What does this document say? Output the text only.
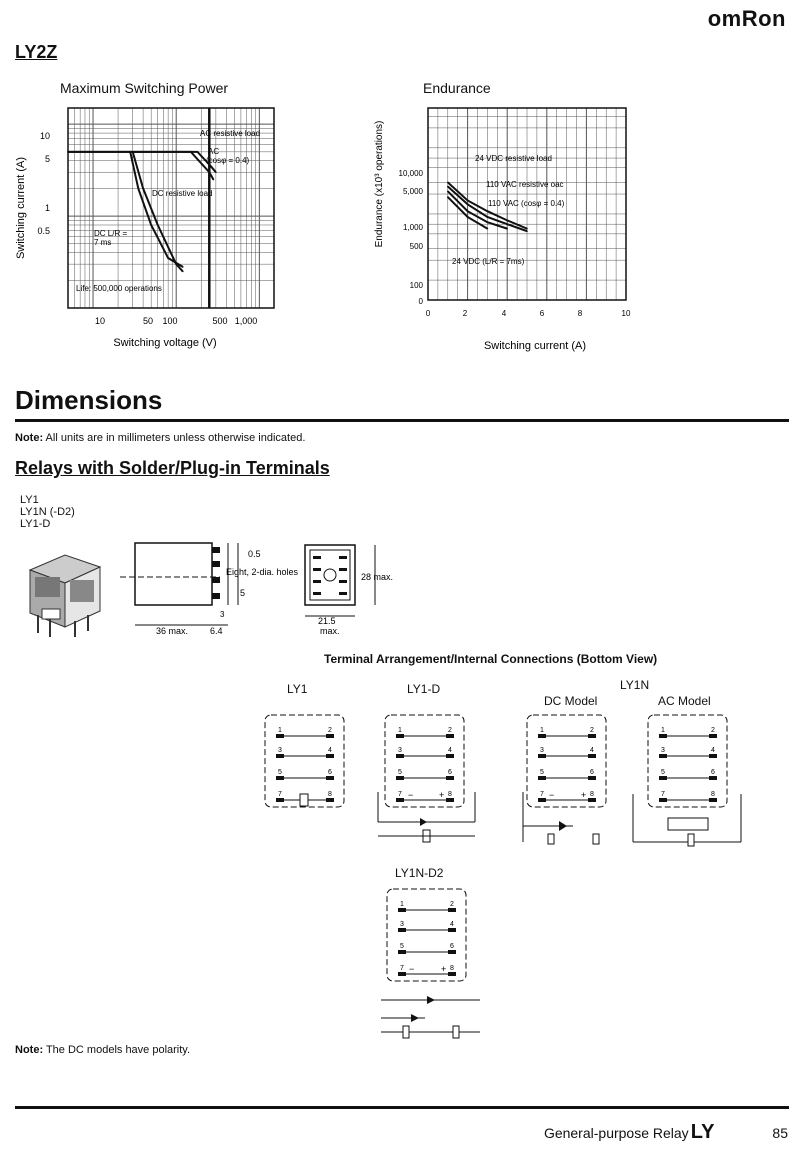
omRon
LY2Z
Maximum Switching Power
Switching current (A)
10
5
1
0.5
10	50 100	500 1,000
Switching voltage (V)
AC resistive load
AC
(cosφ = 0.4)
DC resistive load
DC L/R =
7 ms
Life: 500,000 operations
Endurance
Endurance (x10³ operations) 10,000
5,000
1,000
500
100
0
0	2	4	6	8	10
Switching current (A)
24 VDC resistive load
110 VAC resistive oac
110 VAC (cosφ = 0.4)
24 VDC (L/R = 7ms)
Dimensions
Note: All units are in millimeters unless otherwise indicated.
Relays with Solder/Plug-in Terminals
LY1
LY1N (-D2)
LY1-D
0.5
Eight, 2-dia. holes
5
3
36 max. 6.4
28 max.
21.5
max.
Terminal Arrangement/Internal Connections (Bottom View)
LY1	LY1-D	LY1N
DC Model	AC Model
1	2
3	4
5	6
7	8
1	2
3	4
5	6
7	8
−	+
1	2
3	4
5	6
7	8
−	+
1	2
3	4
5	6
7	8
LY1N-D2
1	2
3	4
5	6
7	8
−	+
Note: The DC models have polarity.
General-purpose Relay LY	85
